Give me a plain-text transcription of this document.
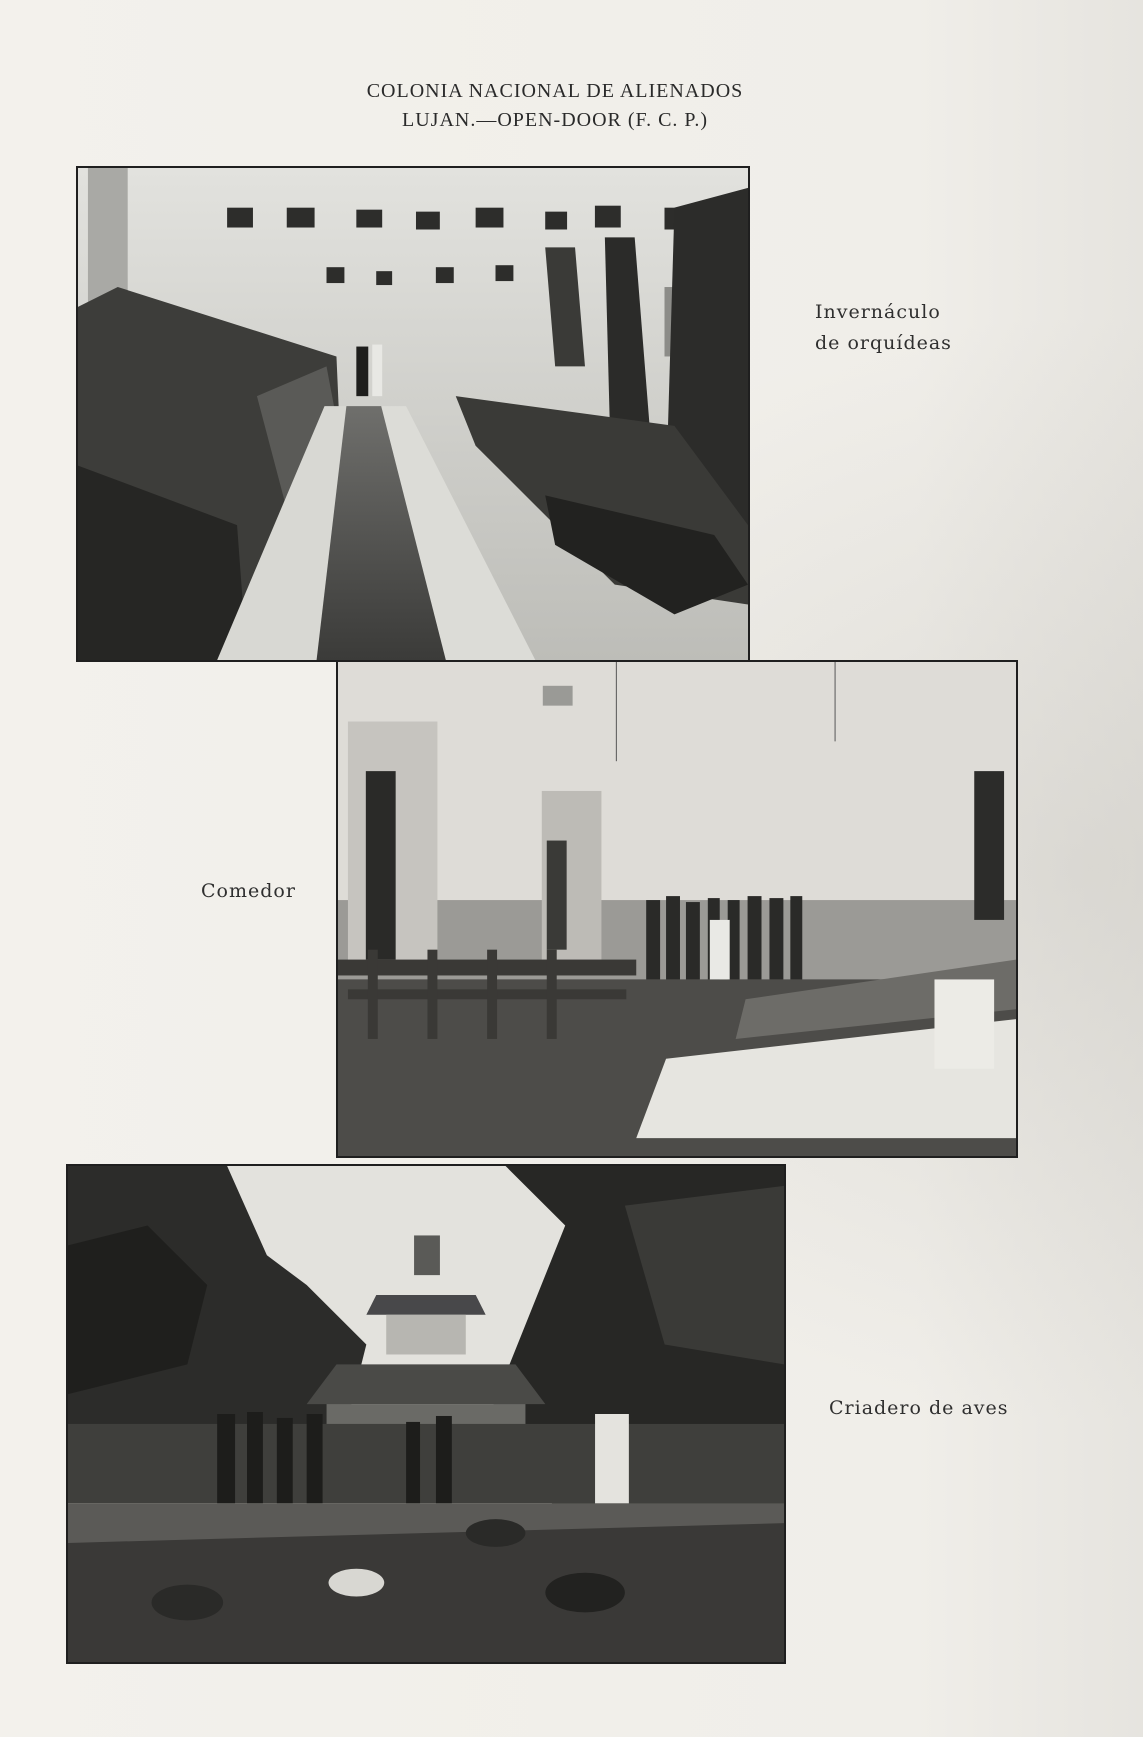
COLONIA NACIONAL DE ALIENADOS
LUJAN.—OPEN-DOOR (F. C. P.)
Invernáculo
de orquídeas
Comedor
Criadero de aves
